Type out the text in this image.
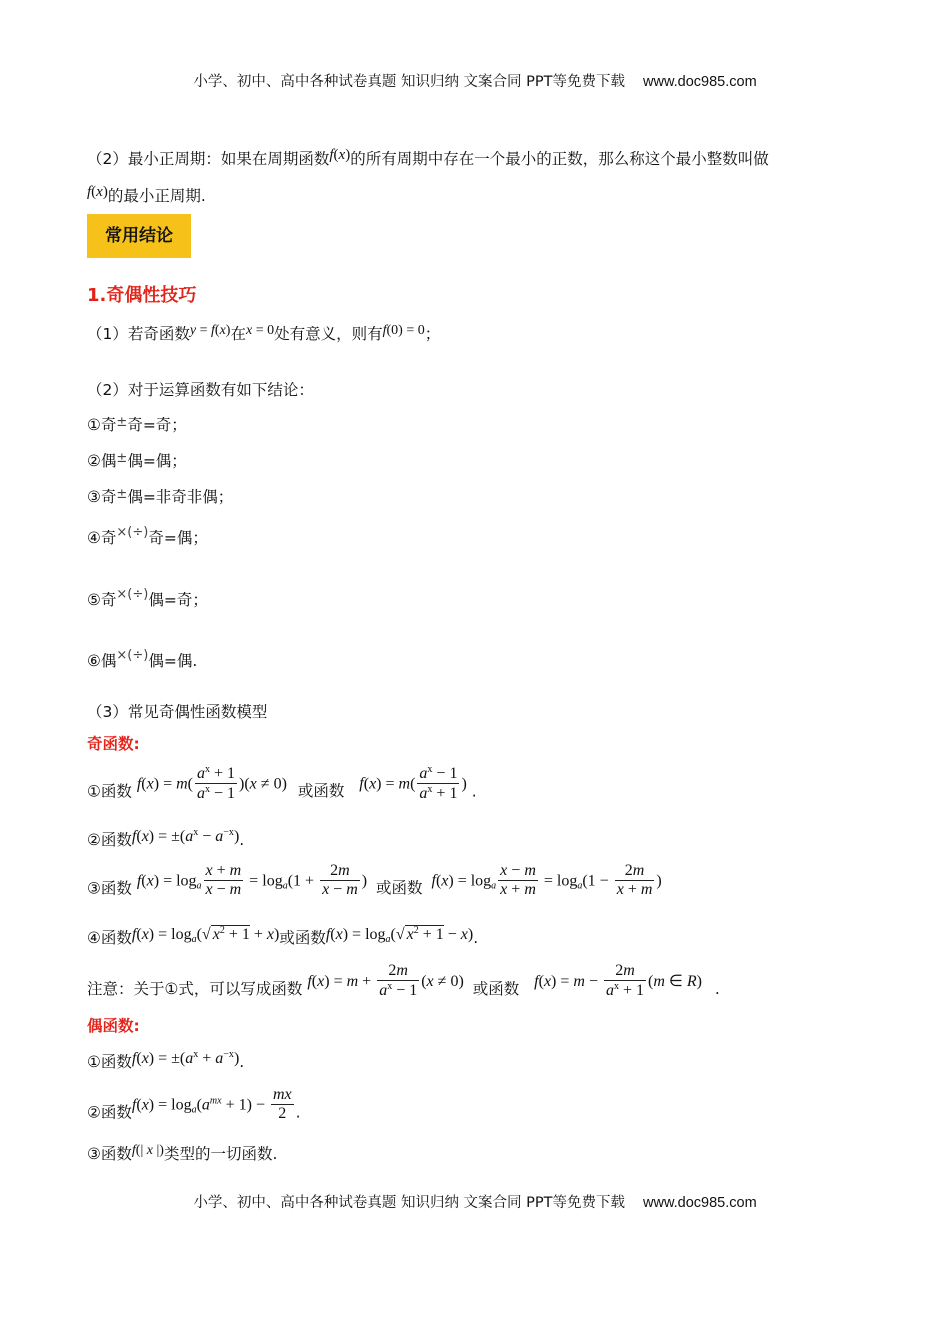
小学、初中、高中各种试卷真题 知识归纳 文案合同 PPT等免费下载 www.doc985.com
（2）最小正周期：如果在周期函数f(x)的所有周期中存在一个最小的正数，那么称这个最小整数叫做
f(x)的最小正周期.
常用结论
1.奇偶性技巧
（1）若奇函数y = f(x)在x = 0处有意义，则有f(0) = 0；
（2）对于运算函数有如下结论：
①奇±奇=奇；
②偶±偶=偶；
③奇±偶=非奇非偶；
④奇×(÷)奇=偶；
⑤奇×(÷)偶=奇；
⑥偶×(÷)偶=偶.
（3）常见奇偶性函数模型
奇函数:
①函数 $f(x) = m( \frac{a^x + 1}{a^x - 1} )(x \ne 0)$ 或函数 $f(x) = m( \frac{a^x - 1}{a^x + 1}$ ) .
②函数$f(x) = \pm(a^x - a^{-x})$.
③函数 $f(x) = \log_a \frac{x + m}{x - m} = \log_a(1 + \frac{2m}{x - m}$ ) 或函数 $f(x) = \log_a \frac{x - m}{x + m} = \log_a(1 - \frac{2m}{x + m}$ )
④函数$f(x) = \log_a(√$ $x^2 + 1 + x$)或函数$f(x) = \log_a(√$ $x^2 + 1 - x$).
注意：关于①式，可以写成函数 $f(x) = m + \frac{2m}{a^x - 1} (x \ne 0)$ 或函数 $f(x) = m - \frac{2m}{a^x + 1} (m$ ∈ R) .
偶函数:
①函数$f(x) = \pm(a^x + a^{-x})$.
②函数$f(x) = \log_a(a^{mx} + 1) - \frac{mx}{2}$ .
③函数f(| x |)类型的一切函数.
小学、初中、高中各种试卷真题 知识归纳 文案合同 PPT等免费下载 www.doc985.com
